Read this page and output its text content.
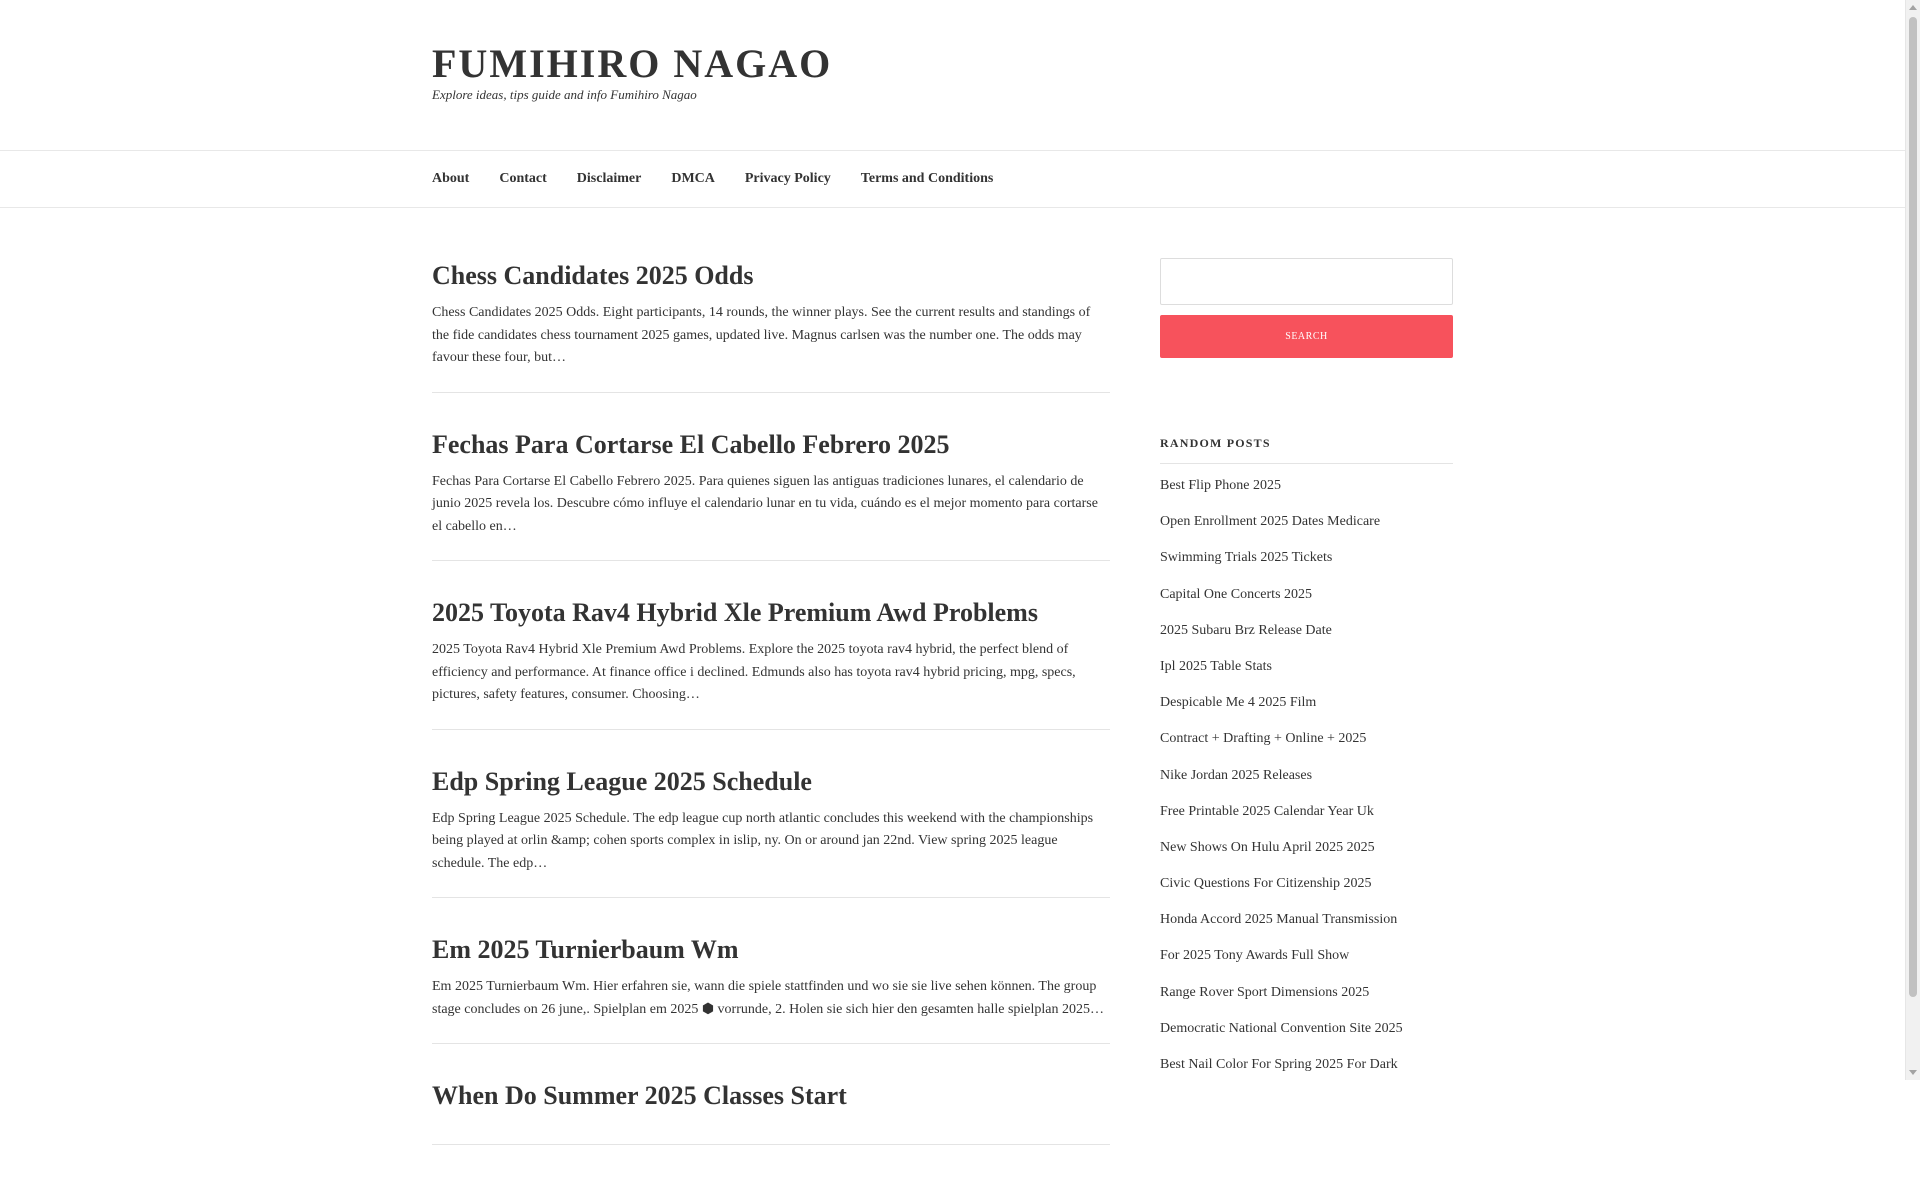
FUMIHIRO NAGAO

Explore ideas, tips guide and info Fumihiro Nagao

About Contact Disclaimer DMCA Privacy Policy Terms and Conditions
Chess Candidates 2025 Odds

Chess Candidates 2025 Odds. Eight participants, 14 rounds, the winner plays. See the current results and standings of the fide candidates chess tournament 2025 games, updated live. Magnus carlsen was the number one. The odds may favour these four, but…

Fechas Para Cortarse El Cabello Febrero 2025

Fechas Para Cortarse El Cabello Febrero 2025. Para quienes siguen las antiguas tradiciones lunares, el calendario de junio 2025 revela los. Descubre cómo influye el calendario lunar en tu vida, cuándo es el mejor momento para cortarse el cabello en…

2025 Toyota Rav4 Hybrid Xle Premium Awd Problems

2025 Toyota Rav4 Hybrid Xle Premium Awd Problems. Explore the 2025 toyota rav4 hybrid, the perfect blend of efficiency and performance. At finance office i declined. Edmunds also has toyota rav4 hybrid pricing, mpg, specs, pictures, safety features, consumer. Choosing…

Edp Spring League 2025 Schedule

Edp Spring League 2025 Schedule. The edp league cup north atlantic concludes this weekend with the championships being played at orlin &amp; cohen sports complex in islip, ny. On or around jan 22nd. View spring 2025 league schedule. The edp…

Em 2025 Turnierbaum Wm

Em 2025 Turnierbaum Wm. Hier erfahren sie, wann die spiele stattfinden und wo sie sie live sehen können. The group stage concludes on 26 june,. Spielplan em 2025 ⬢ vorrunde, 2. Holen sie sich hier den gesamten halle spielplan 2025…

When Do Summer 2025 Classes Start

SEARCH
RANDOM POSTS
Best Flip Phone 2025
Open Enrollment 2025 Dates Medicare
Swimming Trials 2025 Tickets
Capital One Concerts 2025
2025 Subaru Brz Release Date
Ipl 2025 Table Stats
Despicable Me 4 2025 Film
Contract + Drafting + Online + 2025
Nike Jordan 2025 Releases
Free Printable 2025 Calendar Year Uk
New Shows On Hulu April 2025 2025
Civic Questions For Citizenship 2025
Honda Accord 2025 Manual Transmission
For 2025 Tony Awards Full Show
Range Rover Sport Dimensions 2025
Democratic National Convention Site 2025
Best Nail Color For Spring 2025 For Dark
